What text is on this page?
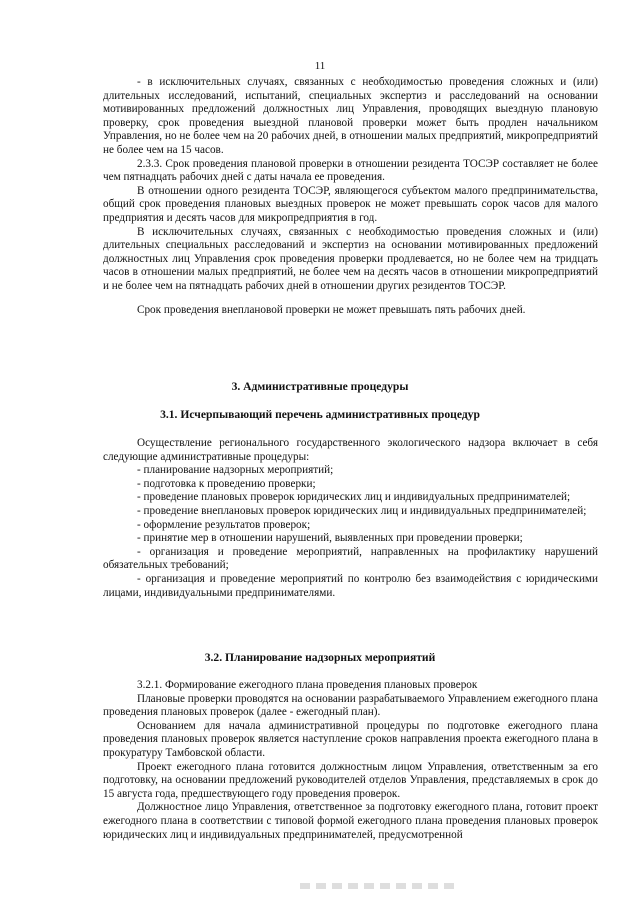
11

- в исключительных случаях, связанных с необходимостью проведения сложных и (или) длительных исследований, испытаний, специальных экспертиз и расследований на основании мотивированных предложений должностных лиц Управления, проводящих выездную плановую проверку, срок проведения выездной плановой проверки может быть продлен начальником Управления, но не более чем на 20 рабочих дней, в отношении малых предприятий, микропредприятий не более чем на 15 часов.

2.3.3. Срок проведения плановой проверки в отношении резидента ТОСЭР составляет не более чем пятнадцать рабочих дней с даты начала ее проведения.

В отношении одного резидента ТОСЭР, являющегося субъектом малого предпринимательства, общий срок проведения плановых выездных проверок не может превышать сорок часов для малого предприятия и десять часов для микропредприятия в год.

В исключительных случаях, связанных с необходимостью проведения сложных и (или) длительных специальных расследований и экспертиз на основании мотивированных предложений должностных лиц Управления срок проведения проверки продлевается, но не более чем на тридцать часов в отношении малых предприятий, не более чем на десять часов в отношении микропредприятий и не более чем на пятнадцать рабочих дней в отношении других резидентов ТОСЭР.

Срок проведения внеплановой проверки не может превышать пять рабочих дней.

3. Административные процедуры
3.1. Исчерпывающий перечень административных процедур

Осуществление регионального государственного экологического надзора включает в себя следующие административные процедуры:

- планирование надзорных мероприятий;

- подготовка к проведению проверки;

- проведение плановых проверок юридических лиц и индивидуальных предпринимателей;

- проведение внеплановых проверок юридических лиц и индивидуальных предпринимателей;

- оформление результатов проверок;

- принятие мер в отношении нарушений, выявленных при проведении проверки;

- организация и проведение мероприятий, направленных на профилактику нарушений обязательных требований;

- организация и проведение мероприятий по контролю без взаимодействия с юридическими лицами, индивидуальными предпринимателями.

3.2. Планирование надзорных мероприятий

3.2.1. Формирование ежегодного плана проведения плановых проверок

Плановые проверки проводятся на основании разрабатываемого Управлением ежегодного плана проведения плановых проверок (далее - ежегодный план).

Основанием для начала административной процедуры по подготовке ежегодного плана проведения плановых проверок является наступление сроков направления проекта ежегодного плана в прокуратуру Тамбовской области.

Проект ежегодного плана готовится должностным лицом Управления, ответственным за его подготовку, на основании предложений руководителей отделов Управления, представляемых в срок до 15 августа года, предшествующего году проведения проверок.

Должностное лицо Управления, ответственное за подготовку ежегодного плана, готовит проект ежегодного плана в соответствии с типовой формой ежегодного плана проведения плановых проверок юридических лиц и индивидуальных предпринимателей, предусмотренной
